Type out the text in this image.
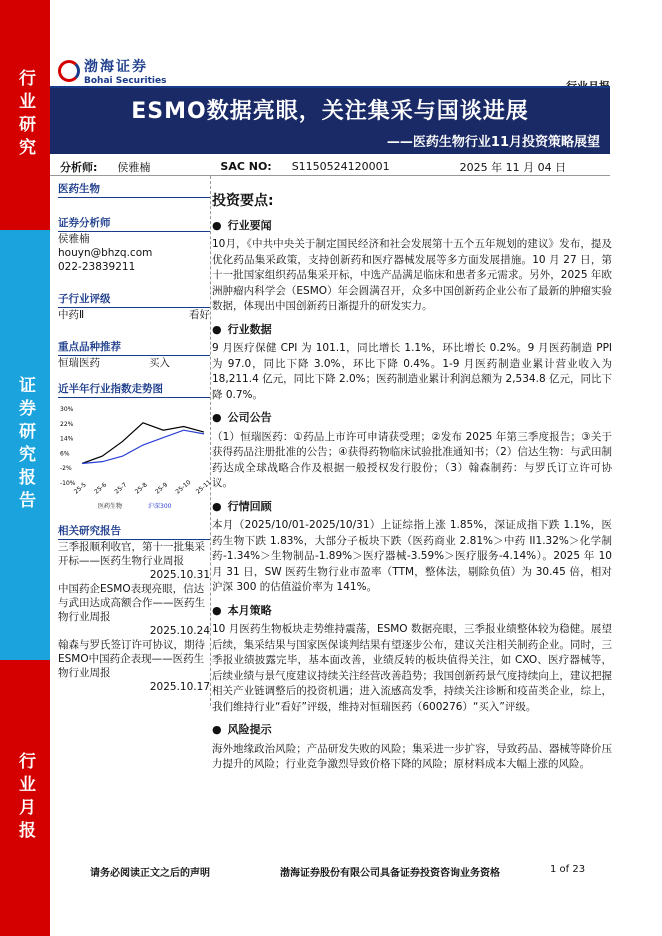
行业研究
证券研究报告
行业月报
渤海证券
Bohai Securities
ESMO数据亮眼，关注集采与国谈进展
——医药生物行业11月投资策略展望
分析师: 侯雅楠	SAC NO: S1150524120001	2025 年 11 月 04 日
医药生物
证券分析师
侯雅楠
houyn@bhzq.com
022-23839211
子行业评级
中药Ⅱ	看好
重点品种推荐
恒瑞医药	买入
近半年行业指数走势图
30%
22%
14%
6%
-2%
-10%
25-5 25-6 25-7 25-8 25-9 25-10 25-11
医药生物	沪深300
相关研究报告
三季报顺利收官，第十一批集采开标——医药生物行业周报
2025.10.31
中国药企ESMO表现亮眼，信达与武田达成高额合作——医药生物行业周报
2025.10.24
翰森与罗氏签订许可协议，期待ESMO中国药企表现——医药生物行业周报
2025.10.17
投资要点:
● 行业要闻
10月，《中共中央关于制定国民经济和社会发展第十五个五年规划的建议》发布，提及优化药品集采政策，支持创新药和医疗器械发展等多方面发展措施。10 月 27 日，第十一批国家组织药品集采开标，中选产品满足临床和患者多元需求。另外，2025 年欧洲肿瘤内科学会（ESMO）年会圆满召开，众多中国创新药企业公布了最新的肿瘤实验数据，体现出中国创新药日渐提升的研发实力。
● 行业数据
9 月医疗保健 CPI 为 101.1，同比增长 1.1%，环比增长 0.2%。9 月医药制造 PPI 为 97.0，同比下降 3.0%，环比下降 0.4%。1-9 月医药制造业累计营业收入为 18,211.4 亿元，同比下降 2.0%；医药制造业累计利润总额为 2,534.8 亿元，同比下降 0.7%。
● 公司公告
（1）恒瑞医药：①药品上市许可申请获受理；②发布 2025 年第三季度报告；③关于获得药品注册批准的公告；④获得药物临床试验批准通知书；（2）信达生物：与武田制药达成全球战略合作及根据一般授权发行股份；（3）翰森制药：与罗氏订立许可协议。
● 行情回顾
本月（2025/10/01-2025/10/31）上证综指上涨 1.85%，深证成指下跌 1.1%，医药生物下跌 1.83%，大部分子板块下跌（医药商业 2.81%＞中药 II1.32%＞化学制药-1.34%＞生物制品-1.89%＞医疗器械-3.59%＞医疗服务-4.14%）。2025 年 10 月 31 日，SW 医药生物行业市盈率（TTM，整体法，剔除负值）为 30.45 倍，相对沪深 300 的估值溢价率为 141%。
● 本月策略
10 月医药生物板块走势维持震荡，ESMO 数据亮眼，三季报业绩整体较为稳健。展望后续，集采结果与国家医保谈判结果有望逐步公布，建议关注相关制药企业。同时，三季报业绩披露完毕，基本面改善，业绩反转的板块值得关注，如 CXO、医疗器械等，后续业绩与景气度建议持续关注经营改善趋势；我国创新药景气度持续向上，建议把握相关产业链调整后的投资机遇；进入流感高发季，持续关注诊断和疫苗类企业，综上，我们维持行业“看好”评级，维持对恒瑞医药（600276）“买入”评级。
● 风险提示
海外地缘政治风险；产品研发失败的风险；集采进一步扩容，导致药品、器械等降价压力提升的风险；行业竞争激烈导致价格下降的风险；原材料成本大幅上涨的风险。
请务必阅读正文之后的声明	渤海证券股份有限公司具备证券投资咨询业务资格	1 of 23
